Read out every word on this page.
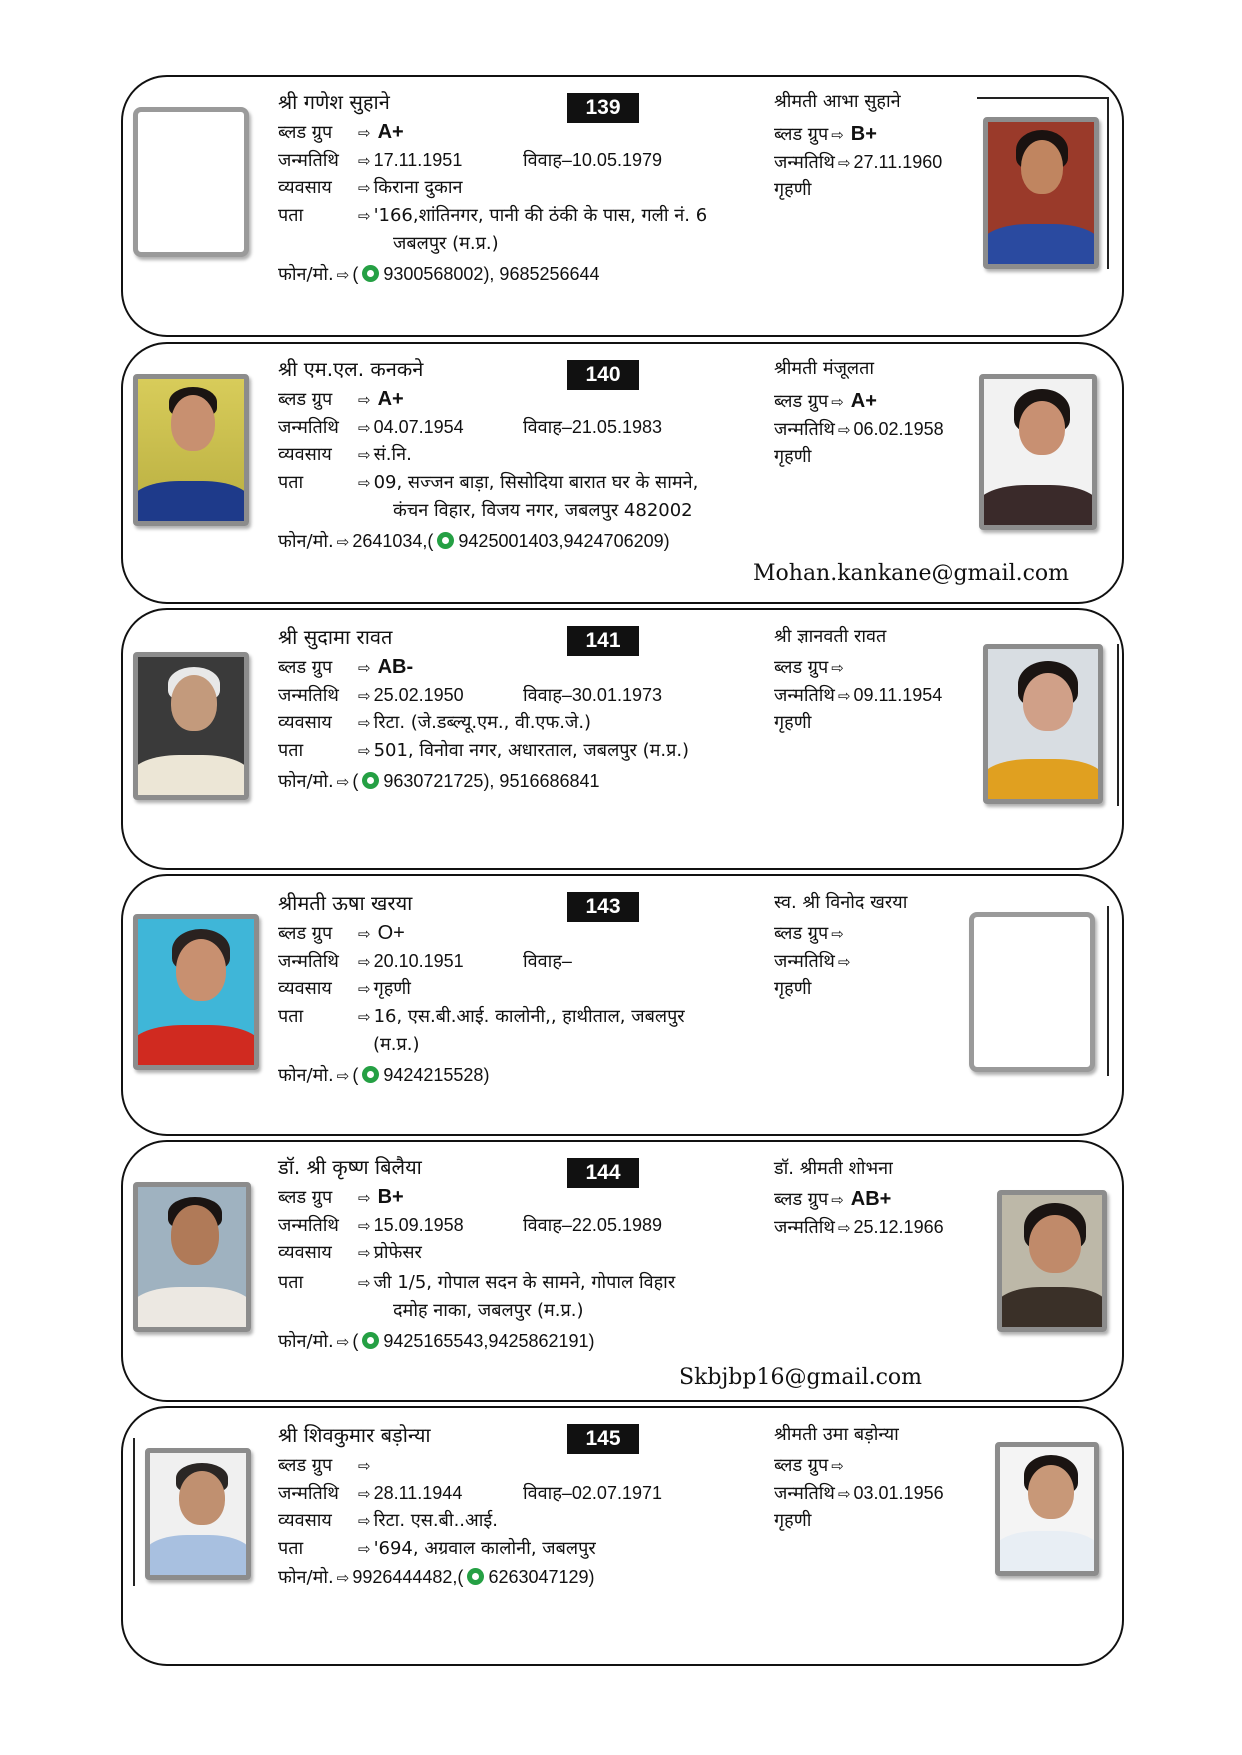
श्री गणेश सुहाने	139
ब्लड ग्रुप ⇨ A+
जन्मतिथि ⇨ 17.11.1951	विवाह–10.05.1979
व्यवसाय ⇨ किराना दुकान
पता	⇨ '166,शांतिनगर, पानी की ठंकी के पास, गली नं. 6
जबलपुर (म.प्र.)
फोन/मो. ⇨ ( 9300568002), 9685256644
श्रीमती आभा सुहाने
ब्लड ग्रुप ⇨ B+
जन्मतिथि ⇨ 27.11.1960
गृहणी
श्री एम.एल. कनकने	140
ब्लड ग्रुप ⇨ A+
जन्मतिथि ⇨ 04.07.1954	विवाह–21.05.1983
व्यवसाय ⇨ सं.नि.
पता	⇨ 09, सज्जन बाड़ा, सिसोदिया बारात घर के सामने,
कंचन विहार, विजय नगर, जबलपुर 482002
फोन/मो. ⇨ 2641034,( 9425001403,9424706209)
श्रीमती मंजूलता
ब्लड ग्रुप ⇨ A+
जन्मतिथि ⇨ 06.02.1958
गृहणी
Mohan.kankane@gmail.com
श्री सुदामा रावत	141
ब्लड ग्रुप ⇨ AB-
जन्मतिथि ⇨ 25.02.1950	विवाह–30.01.1973
व्यवसाय ⇨ रिटा. (जे.डब्ल्यू.एम., वी.एफ.जे.)
पता	⇨ 501, विनोवा नगर, अधारताल, जबलपुर (म.प्र.)
फोन/मो. ⇨ ( 9630721725), 9516686841
श्री ज्ञानवती रावत
ब्लड ग्रुप ⇨
जन्मतिथि ⇨ 09.11.1954
गृहणी
श्रीमती ऊषा खरया	143
ब्लड ग्रुप ⇨ O+
जन्मतिथि ⇨ 20.10.1951	विवाह–
व्यवसाय ⇨ गृहणी
पता	⇨ 16, एस.बी.आई. कालोनी,, हाथीताल, जबलपुर
(म.प्र.)
फोन/मो. ⇨ ( 9424215528)
स्व. श्री विनोद खरया
ब्लड ग्रुप ⇨
जन्मतिथि ⇨
गृहणी
डॉ. श्री कृष्ण बिलैया	144
ब्लड ग्रुप ⇨ B+
जन्मतिथि ⇨ 15.09.1958	विवाह–22.05.1989
व्यवसाय ⇨ प्रोफेसर
पता	⇨ जी 1/5, गोपाल सदन के सामने, गोपाल विहार
दमोह नाका, जबलपुर (म.प्र.)
फोन/मो. ⇨ ( 9425165543,9425862191)
डॉ. श्रीमती शोभना
ब्लड ग्रुप ⇨ AB+
जन्मतिथि ⇨ 25.12.1966
Skbjbp16@gmail.com
श्री शिवकुमार बड़ोन्या	145
ब्लड ग्रुप ⇨
जन्मतिथि ⇨ 28.11.1944	विवाह–02.07.1971
व्यवसाय ⇨ रिटा. एस.बी..आई.
पता	⇨ '694, अग्रवाल कालोनी, जबलपुर
फोन/मो. ⇨ 9926444482,( 6263047129)
श्रीमती उमा बड़ोन्या
ब्लड ग्रुप ⇨
जन्मतिथि ⇨ 03.01.1956
गृहणी
